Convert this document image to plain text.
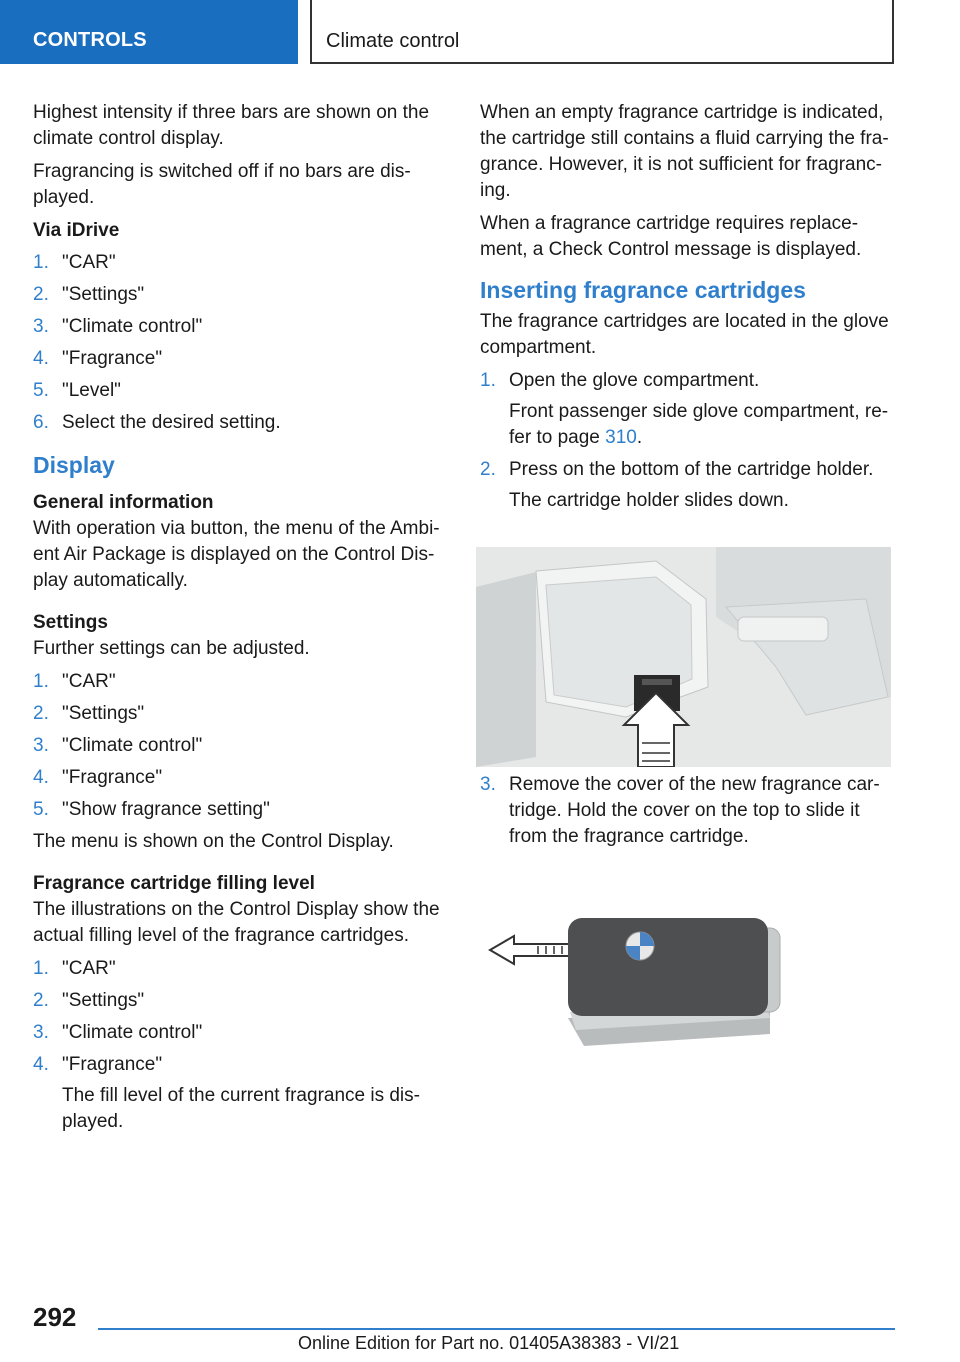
CONTROLS	Climate control

Highest intensity if three bars are shown on the climate control display.

Fragrancing is switched off if no bars are dis-played.

Via iDrive

1. "CAR"
2. "Settings"
3. "Climate control"
4. "Fragrance"
5. "Level"
6. Select the desired setting.
Display

General information

With operation via button, the menu of the Ambi-ent Air Package is displayed on the Control Dis-play automatically.

Settings

Further settings can be adjusted.

1. "CAR"
2. "Settings"
3. "Climate control"
4. "Fragrance"
5. "Show fragrance setting"

The menu is shown on the Control Display.

Fragrance cartridge filling level

The illustrations on the Control Display show the actual filling level of the fragrance cartridges.

1. "CAR"
2. "Settings"
3. "Climate control"
4. "Fragrance"
The fill level of the current fragrance is dis-played.

When an empty fragrance cartridge is indicated, the cartridge still contains a fluid carrying the fra-grance. However, it is not sufficient for fragranc-ing.

When a fragrance cartridge requires replace-ment, a Check Control message is displayed.

Inserting fragrance cartridges

The fragrance cartridges are located in the glove compartment.

1. Open the glove compartment.
Front passenger side glove compartment, re-fer to page 310.
2. Press on the bottom of the cartridge holder.
The cartridge holder slides down.
3. Remove the cover of the new fragrance car-tridge. Hold the cover on the top to slide it from the fragrance cartridge.
292
Online Edition for Part no. 01405A38383 - VI/21
